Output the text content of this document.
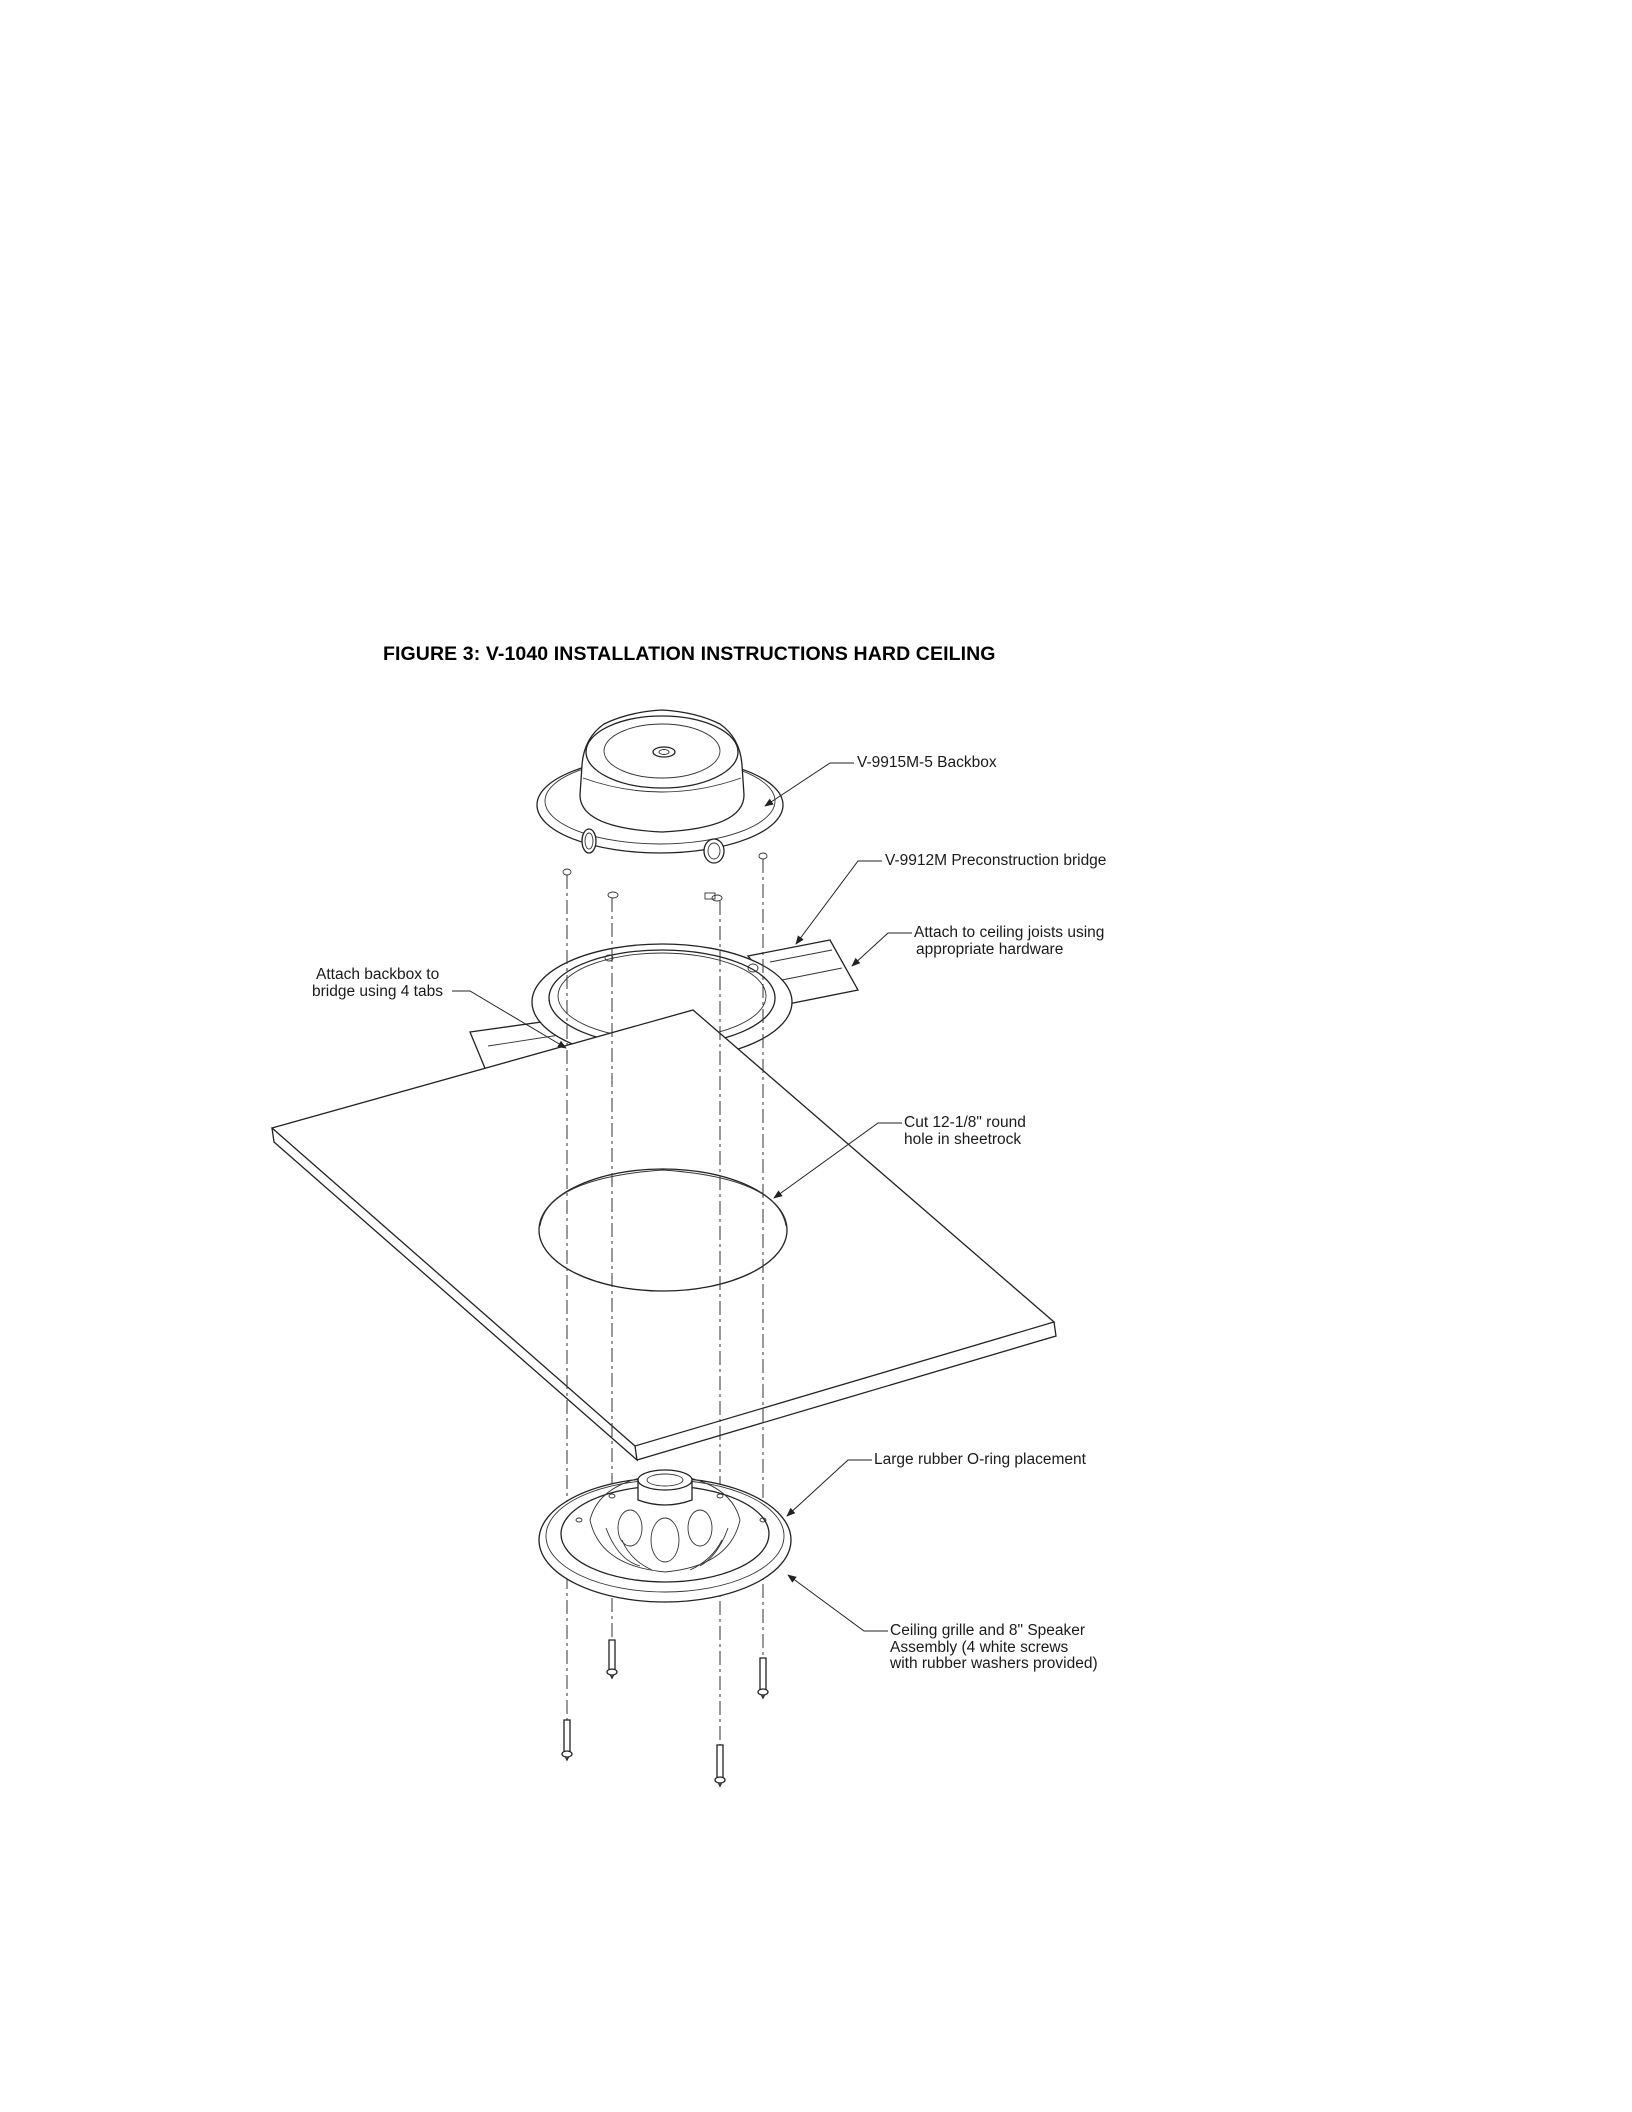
FIGURE 3: V-1040 INSTALLATION INSTRUCTIONS HARD CEILING
V-9915M-5 Backbox
V-9912M Preconstruction bridge
Attach to ceiling joists using
appropriate hardware
Attach backbox to
bridge using 4 tabs
Cut 12-1/8" round
hole in sheetrock
Large rubber O-ring placement
Ceiling grille and 8" Speaker
Assembly (4 white screws
with rubber washers provided)
